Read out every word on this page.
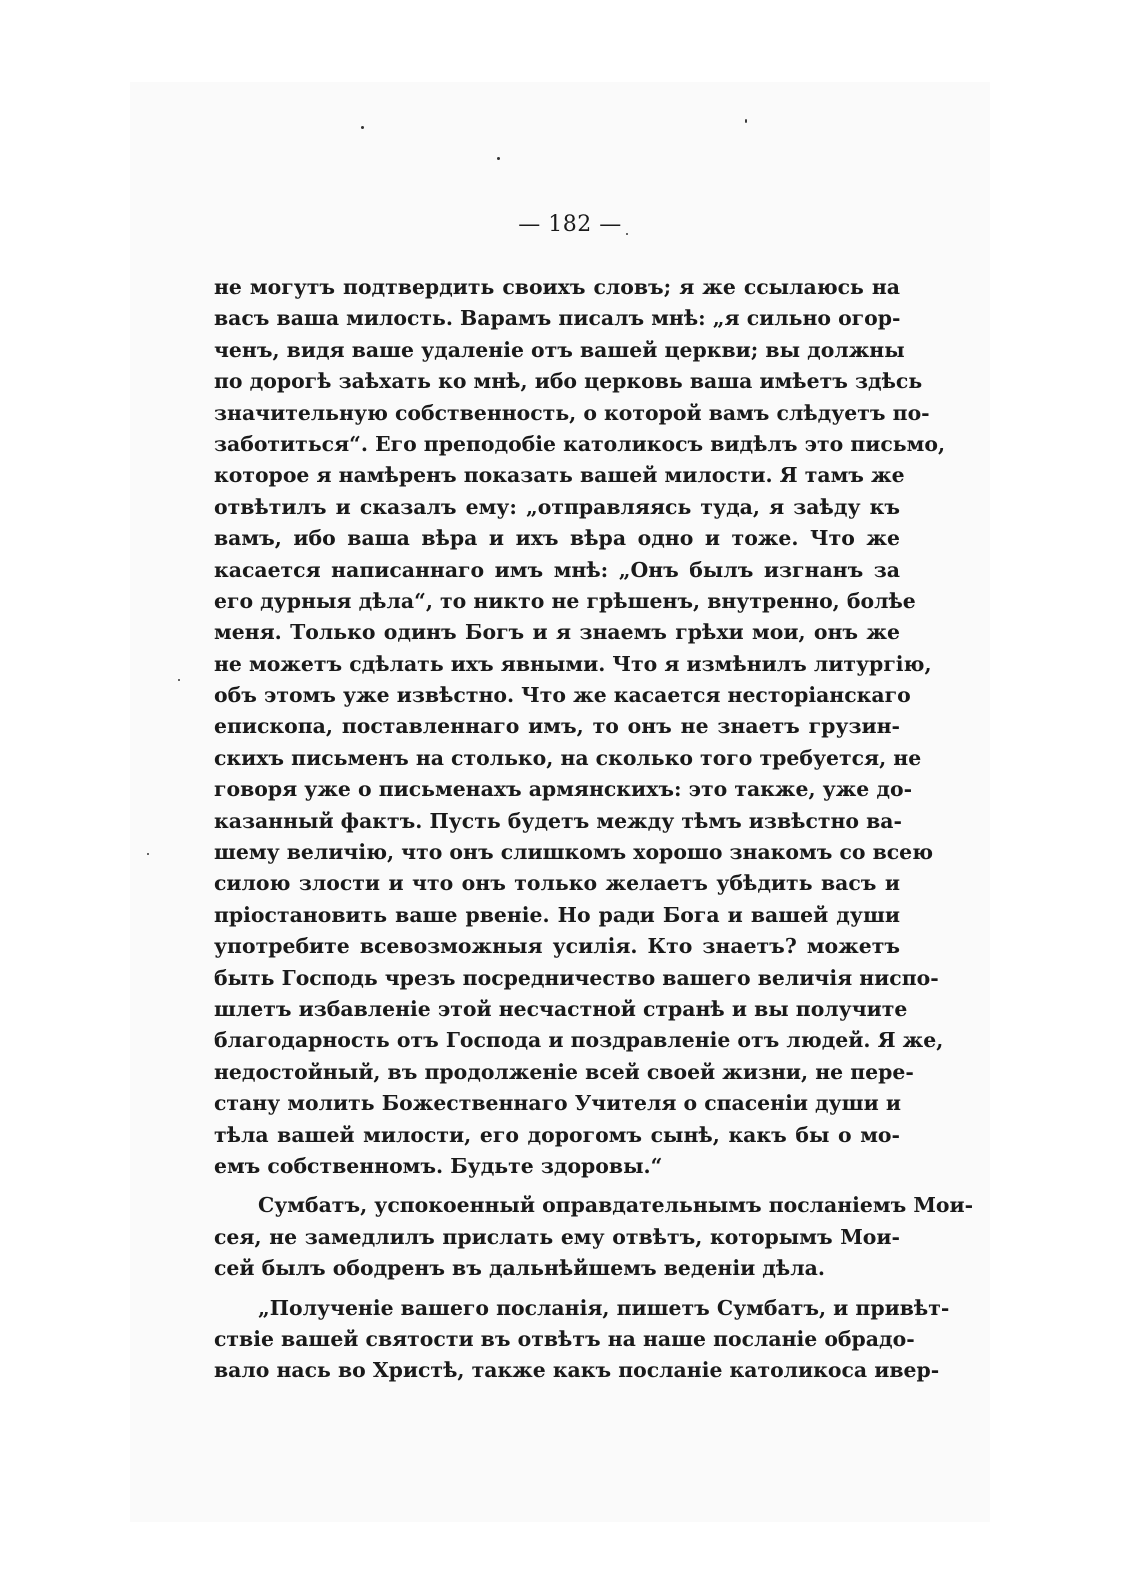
— 182 —
не могутъ подтвердить своихъ словъ; я же ссылаюсь на
васъ ваша милость. Варамъ писалъ мнѣ: „я сильно огор-
ченъ, видя ваше удаленіе отъ вашей церкви; вы должны
по дорогѣ заѣхать ко мнѣ, ибо церковь ваша имѣетъ здѣсь
значительную собственность, о которой вамъ слѣдуетъ по-
заботиться“. Его преподобіе католикосъ видѣлъ это письмо,
которое я намѣренъ показать вашей милости. Я тамъ же
отвѣтилъ и сказалъ ему: „отправляясь туда, я заѣду къ
вамъ, ибо ваша вѣра и ихъ вѣра одно и тоже. Что же
касается написаннаго имъ мнѣ: „Онъ былъ изгнанъ за
его дурныя дѣла“, то никто не грѣшенъ, внутренно, болѣе
меня. Только одинъ Богъ и я знаемъ грѣхи мои, онъ же
не можетъ сдѣлать ихъ явными. Что я измѣнилъ литургію,
объ этомъ уже извѣстно. Что же касается несторіанскаго
епископа, поставленнаго имъ, то онъ не знаетъ грузин-
скихъ письменъ на столько, на сколько того требуется, не
говоря уже о письменахъ армянскихъ: это также, уже до-
казанный фактъ. Пусть будетъ между тѣмъ извѣстно ва-
шему величію, что онъ слишкомъ хорошо знакомъ со всею
силою злости и что онъ только желаетъ убѣдить васъ и
пріостановить ваше рвеніе. Но ради Бога и вашей души
употребите всевозможныя усилія. Кто знаетъ? можетъ
быть Господь чрезъ посредничество вашего величія ниспо-
шлетъ избавленіе этой несчастной странѣ и вы получите
благодарность отъ Господа и поздравленіе отъ людей. Я же,
недостойный, въ продолженіе всей своей жизни, не пере-
стану молить Божественнаго Учителя о спасеніи души и
тѣла вашей милости, его дорогомъ сынѣ, какъ бы о мо-
емъ собственномъ. Будьте здоровы.“
Сумбатъ, успокоенный оправдательнымъ посланіемъ Мои-
сея, не замедлилъ прислать ему отвѣтъ, которымъ Мои-
сей былъ ободренъ въ дальнѣйшемъ веденіи дѣла.
„Полученіе вашего посланія, пишетъ Сумбатъ, и привѣт-
ствіе вашей святости въ отвѣтъ на наше посланіе обрадо-
вало нась во Христѣ, также какъ посланіе католикоса ивер-
